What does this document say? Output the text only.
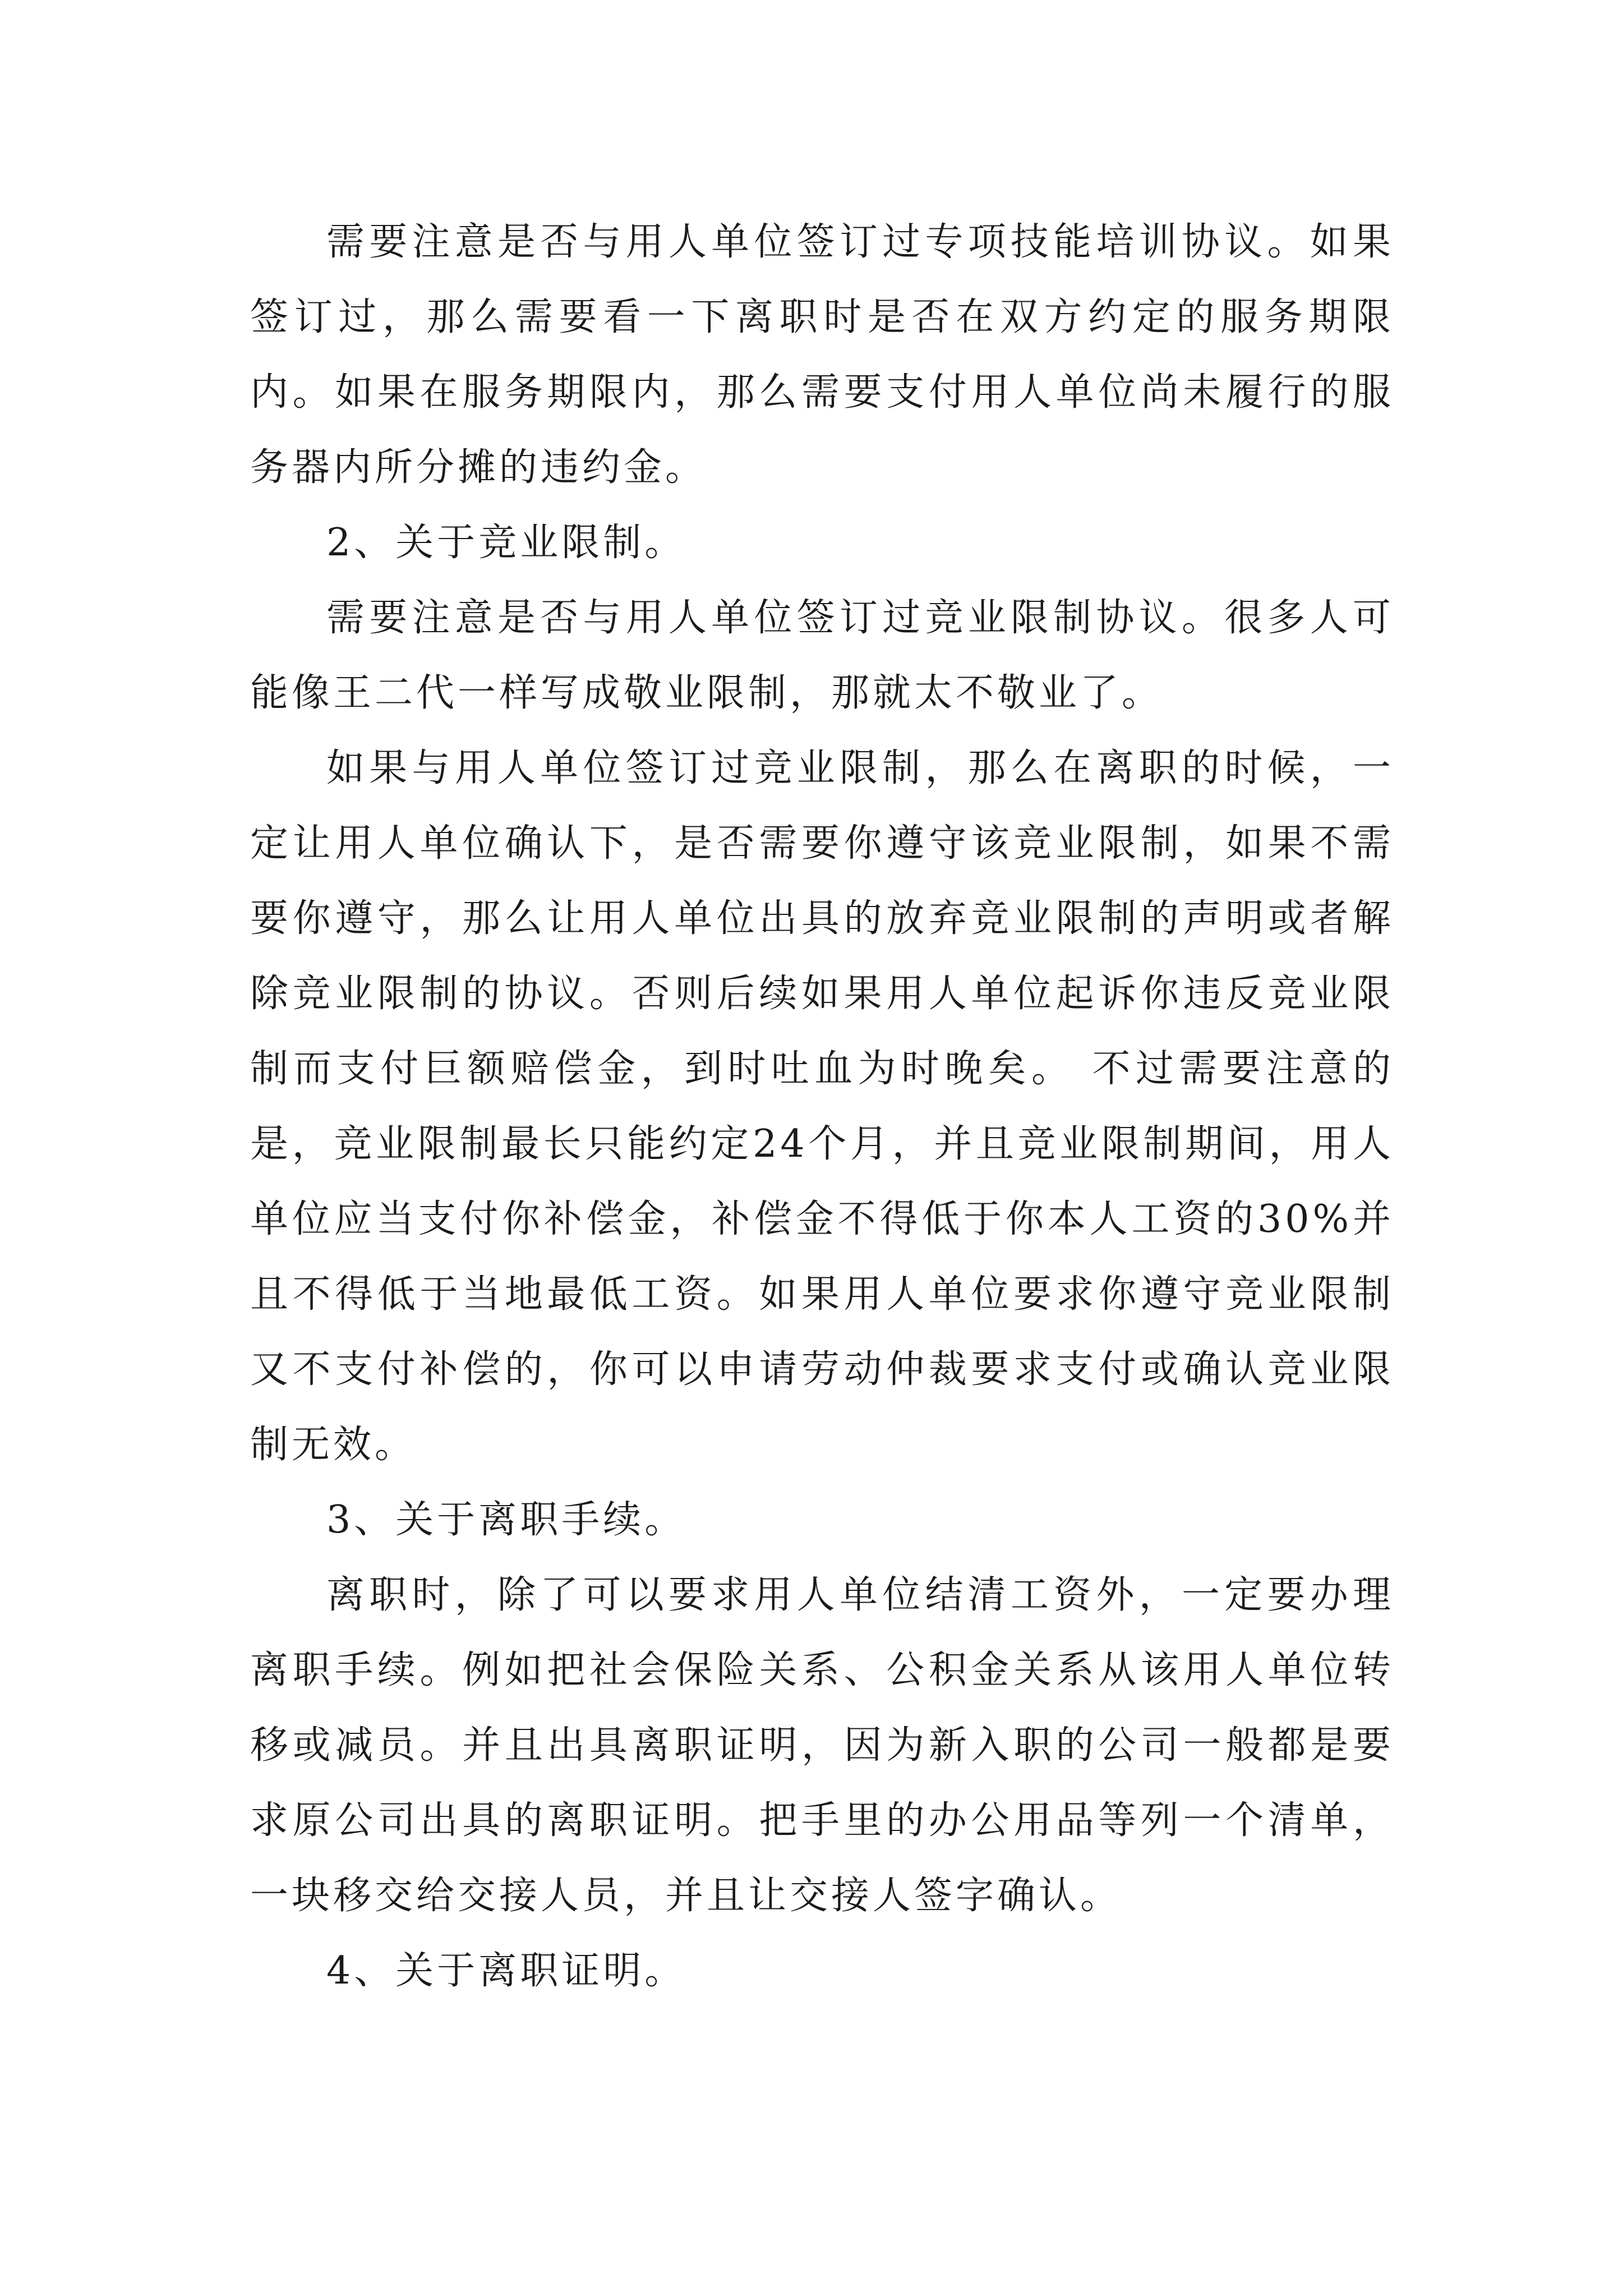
需要注意是否与用人单位签订过专项技能培训协议。如果签订过，那么需要看一下离职时是否在双方约定的服务期限内。如果在服务期限内，那么需要支付用人单位尚未履行的服务器内所分摊的违约金。

2、关于竞业限制。

需要注意是否与用人单位签订过竞业限制协议。很多人可能像王二代一样写成敬业限制，那就太不敬业了。

如果与用人单位签订过竞业限制，那么在离职的时候，一定让用人单位确认下，是否需要你遵守该竞业限制，如果不需要你遵守，那么让用人单位出具的放弃竞业限制的声明或者解除竞业限制的协议。否则后续如果用人单位起诉你违反竞业限制而支付巨额赔偿金，到时吐血为时晚矣。 不过需要注意的是，竞业限制最长只能约定24个月，并且竞业限制期间，用人单位应当支付你补偿金，补偿金不得低于你本人工资的30%并且不得低于当地最低工资。如果用人单位要求你遵守竞业限制又不支付补偿的，你可以申请劳动仲裁要求支付或确认竞业限制无效。

3、关于离职手续。

离职时，除了可以要求用人单位结清工资外，一定要办理离职手续。例如把社会保险关系、公积金关系从该用人单位转移或减员。并且出具离职证明，因为新入职的公司一般都是要求原公司出具的离职证明。把手里的办公用品等列一个清单，一块移交给交接人员，并且让交接人签字确认。

4、关于离职证明。
